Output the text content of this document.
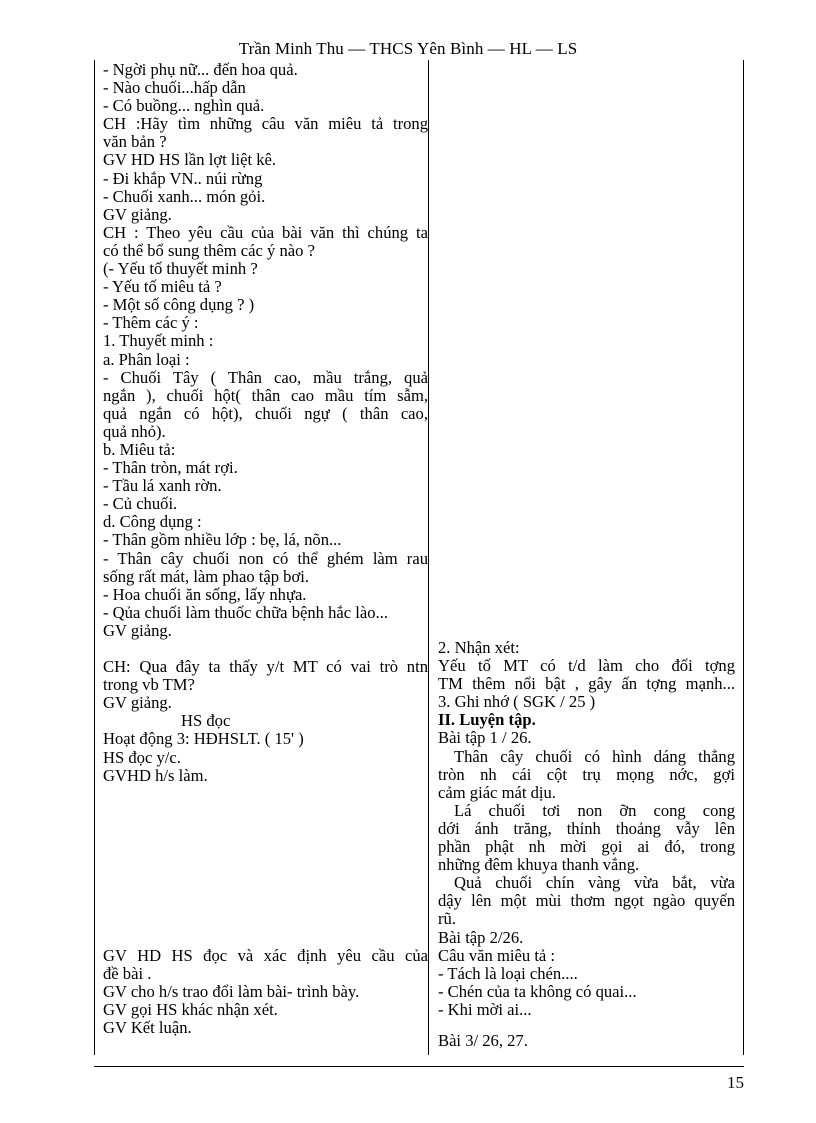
Trần Minh Thu — THCS Yên Bình — HL — LS
- Ngời phụ nữ... đến hoa quả.
- Nào chuối...hấp dẫn
- Có buồng... nghìn quả.
CH :Hãy tìm những câu văn miêu tả trong
văn bản ?
GV HD HS lần lợt liệt kê.
- Đi khắp VN.. núi rừng
- Chuối xanh... món gỏi.
GV giảng.
CH : Theo yêu cầu của bài văn thì chúng ta
có thể bổ sung thêm các ý nào ?
(- Yếu tố thuyết minh ?
- Yếu tố miêu tả ?
- Một số công dụng ? )
- Thêm các ý :
1. Thuyết minh :
a. Phân loại :
- Chuối Tây ( Thân cao, mầu trắng, quả
ngắn ), chuối hột( thân cao mầu tím sẫm,
quả ngắn có hột), chuối ngự ( thân cao,
quả nhỏ).
b. Miêu tả:
- Thân tròn, mát rợi.
- Tầu lá xanh rờn.
- Củ chuối.
d. Công dụng :
- Thân gồm nhiều lớp : bẹ, lá, nõn...
- Thân cây chuối non có thể ghém làm rau
sống rất mát, làm phao tập bơi.
- Hoa chuối ăn sống, lấy nhựa.
- Qủa chuối làm thuốc chữa bệnh hắc lào...
GV giảng.
CH: Qua đây ta thấy y/t MT có vai trò ntn
trong vb TM?
GV giảng.
HS đọc
Hoạt động 3: HĐHSLT. ( 15' )
HS đọc y/c.
GVHD h/s làm.
GV HD HS đọc và xác định yêu cầu của
đề bài .
GV cho h/s trao đổi làm bài- trình bày.
GV gọi HS khác nhận xét.
GV Kết luận.
2. Nhận xét:
Yếu tố MT có t/d làm cho đối tợng
TM thêm nổi bật , gây ấn tợng mạnh...
3. Ghi nhớ ( SGK / 25 )
II. Luyện tập.
Bài tập 1 / 26.
Thân cây chuối có hình dáng thẳng
tròn nh cái cột trụ mọng nớc, gợi
cảm giác mát dịu.
Lá chuối tơi non ỡn cong cong
dới ánh trăng, thỉnh thoảng vẫy lên
phần phật nh mời gọi ai đó, trong
những đêm khuya thanh vắng.
Quả chuối chín vàng vừa bắt, vừa
dậy lên một mùi thơm ngọt ngào quyến
rũ.
Bài tập 2/26.
Câu văn miêu tả :
- Tách là loại chén....
- Chén của ta không có quai...
- Khi mời ai...
Bài 3/ 26, 27.
15
